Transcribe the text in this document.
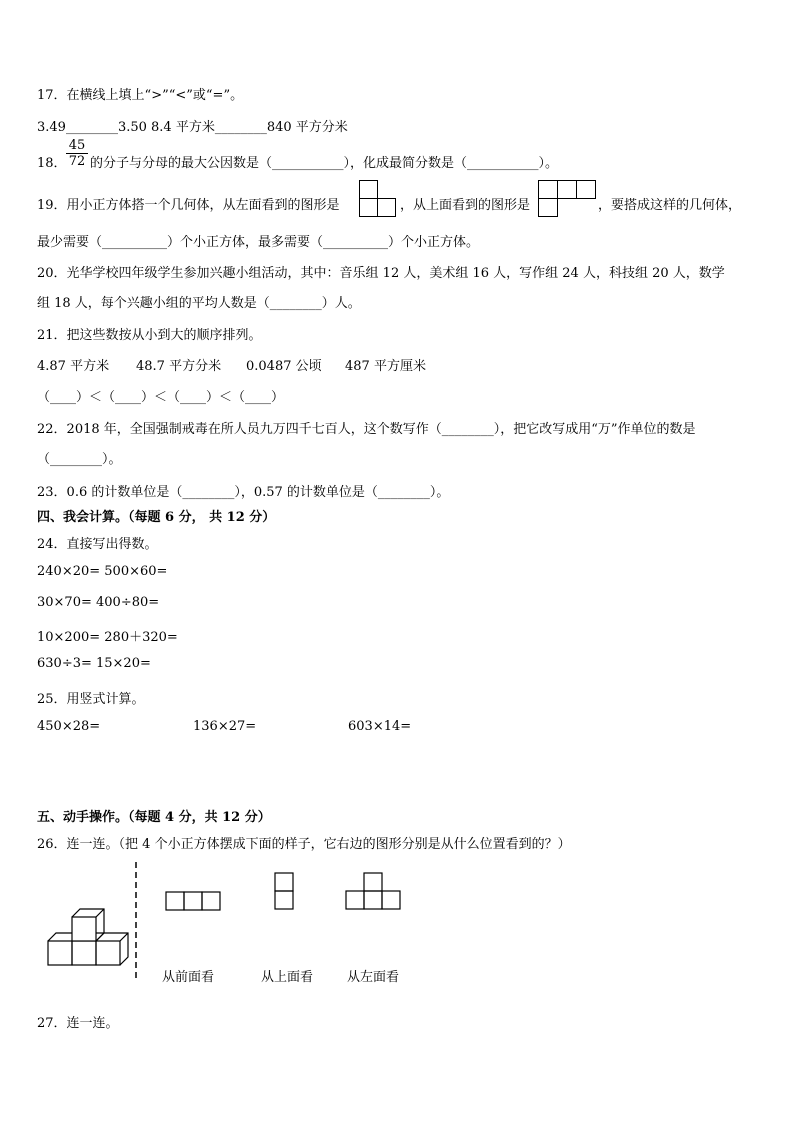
17．在横线上填上“>”“<”或“=”。
3.49________3.50 8.4 平方米________840 平方分米
18． $\frac{45}{72}$ 的分子与分母的最大公因数是（___________），化成最简分数是（___________）。
19．用小正方体搭一个几何体，从左面看到的图形是	，从上面看到的图形是	，要搭成这样的几何体，
最少需要（__________）个小正方体，最多需要（__________）个小正方体。
20．光华学校四年级学生参加兴趣小组活动，其中：音乐组 12 人，美术组 16 人，写作组 24 人，科技组 20 人，数学
组 18 人，每个兴趣小组的平均人数是（________）人。
21．把这些数按从小到大的顺序排列。
4.87 平方米 48.7 平方分米 0.0487 公顷 487 平方厘米
（____）＜（____）＜（____）＜（____）
22．2018 年，全国强制戒毒在所人员九万四千七百人，这个数写作（________），把它改写成用“万”作单位的数是
（________）。
23．0.6 的计数单位是（________），0.57 的计数单位是（________）。
四、我会计算。（每题 6 分， 共 12 分）
24．直接写出得数。
240×20= 500×60=
30×70= 400÷80=
10×200= 280＋320=
630÷3= 15×20=
25．用竖式计算。
450×28=	136×27=	603×14=
五、动手操作。（每题 4 分，共 12 分）
26．连一连。（把 4 个小正方体摆成下面的样子，它右边的图形分别是从什么位置看到的？）
从前面看	从上面看	从左面看
27．连一连。
